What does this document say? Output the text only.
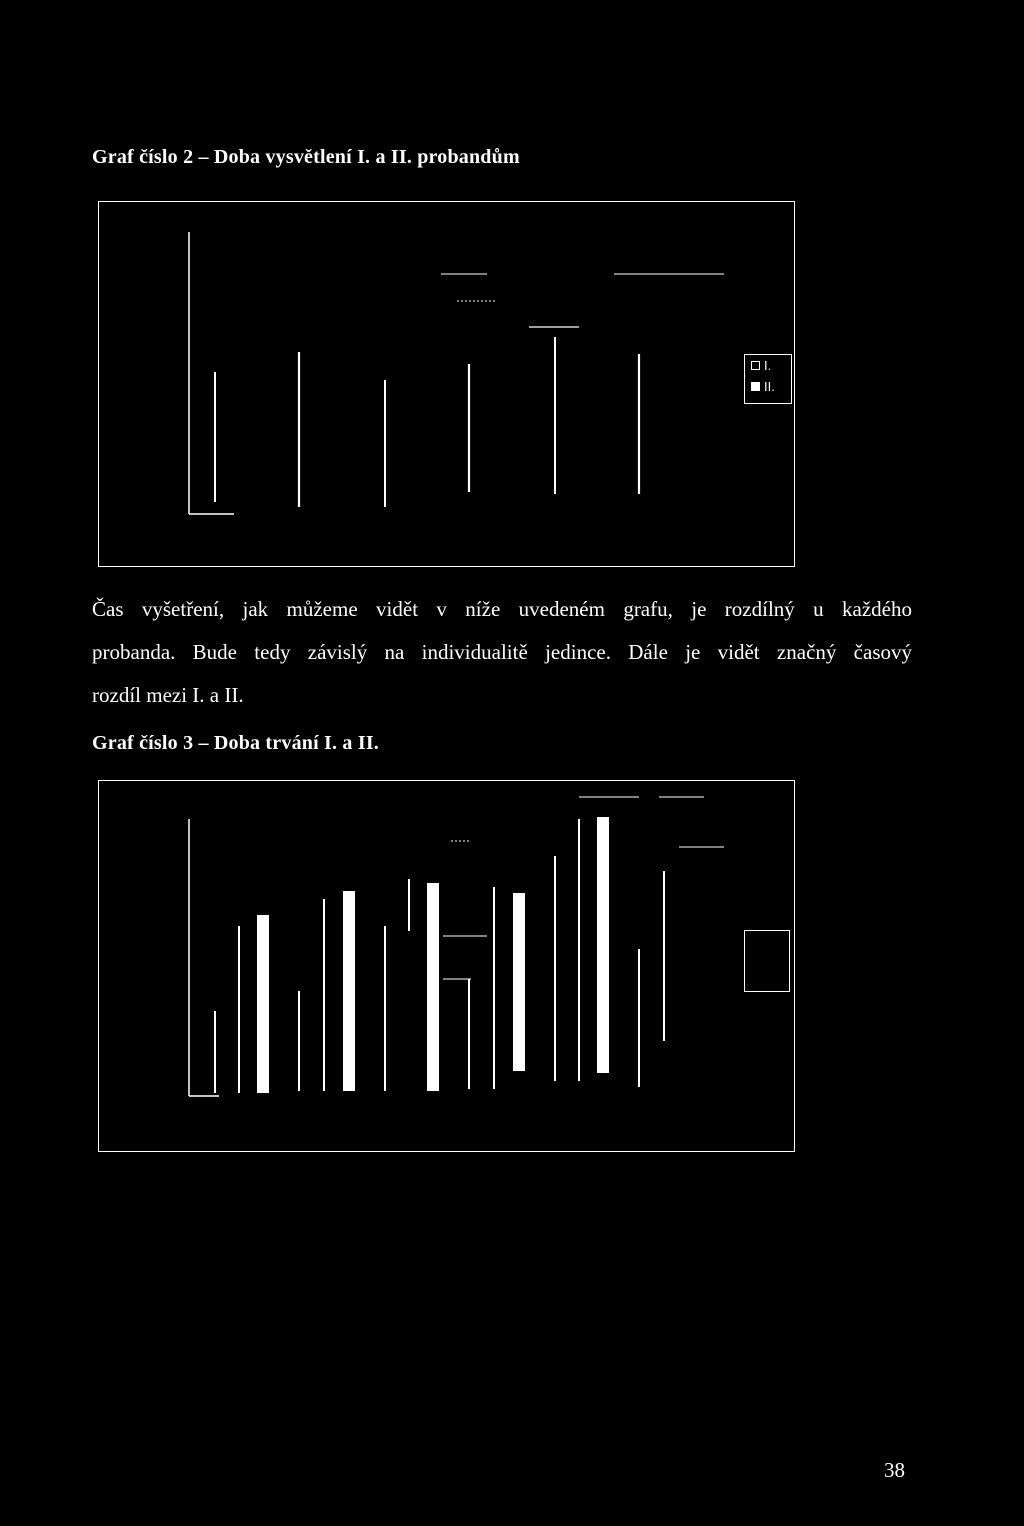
Graf číslo 2 – Doba vysvětlení I. a II. probandům
I.
II.
Čas vyšetření, jak můžeme vidět v níže uvedeném grafu, je rozdílný u každého
probanda. Bude tedy závislý na individualitě jedince. Dále je vidět značný časový
rozdíl mezi I. a II.
Graf číslo 3 – Doba trvání I. a II.
38
